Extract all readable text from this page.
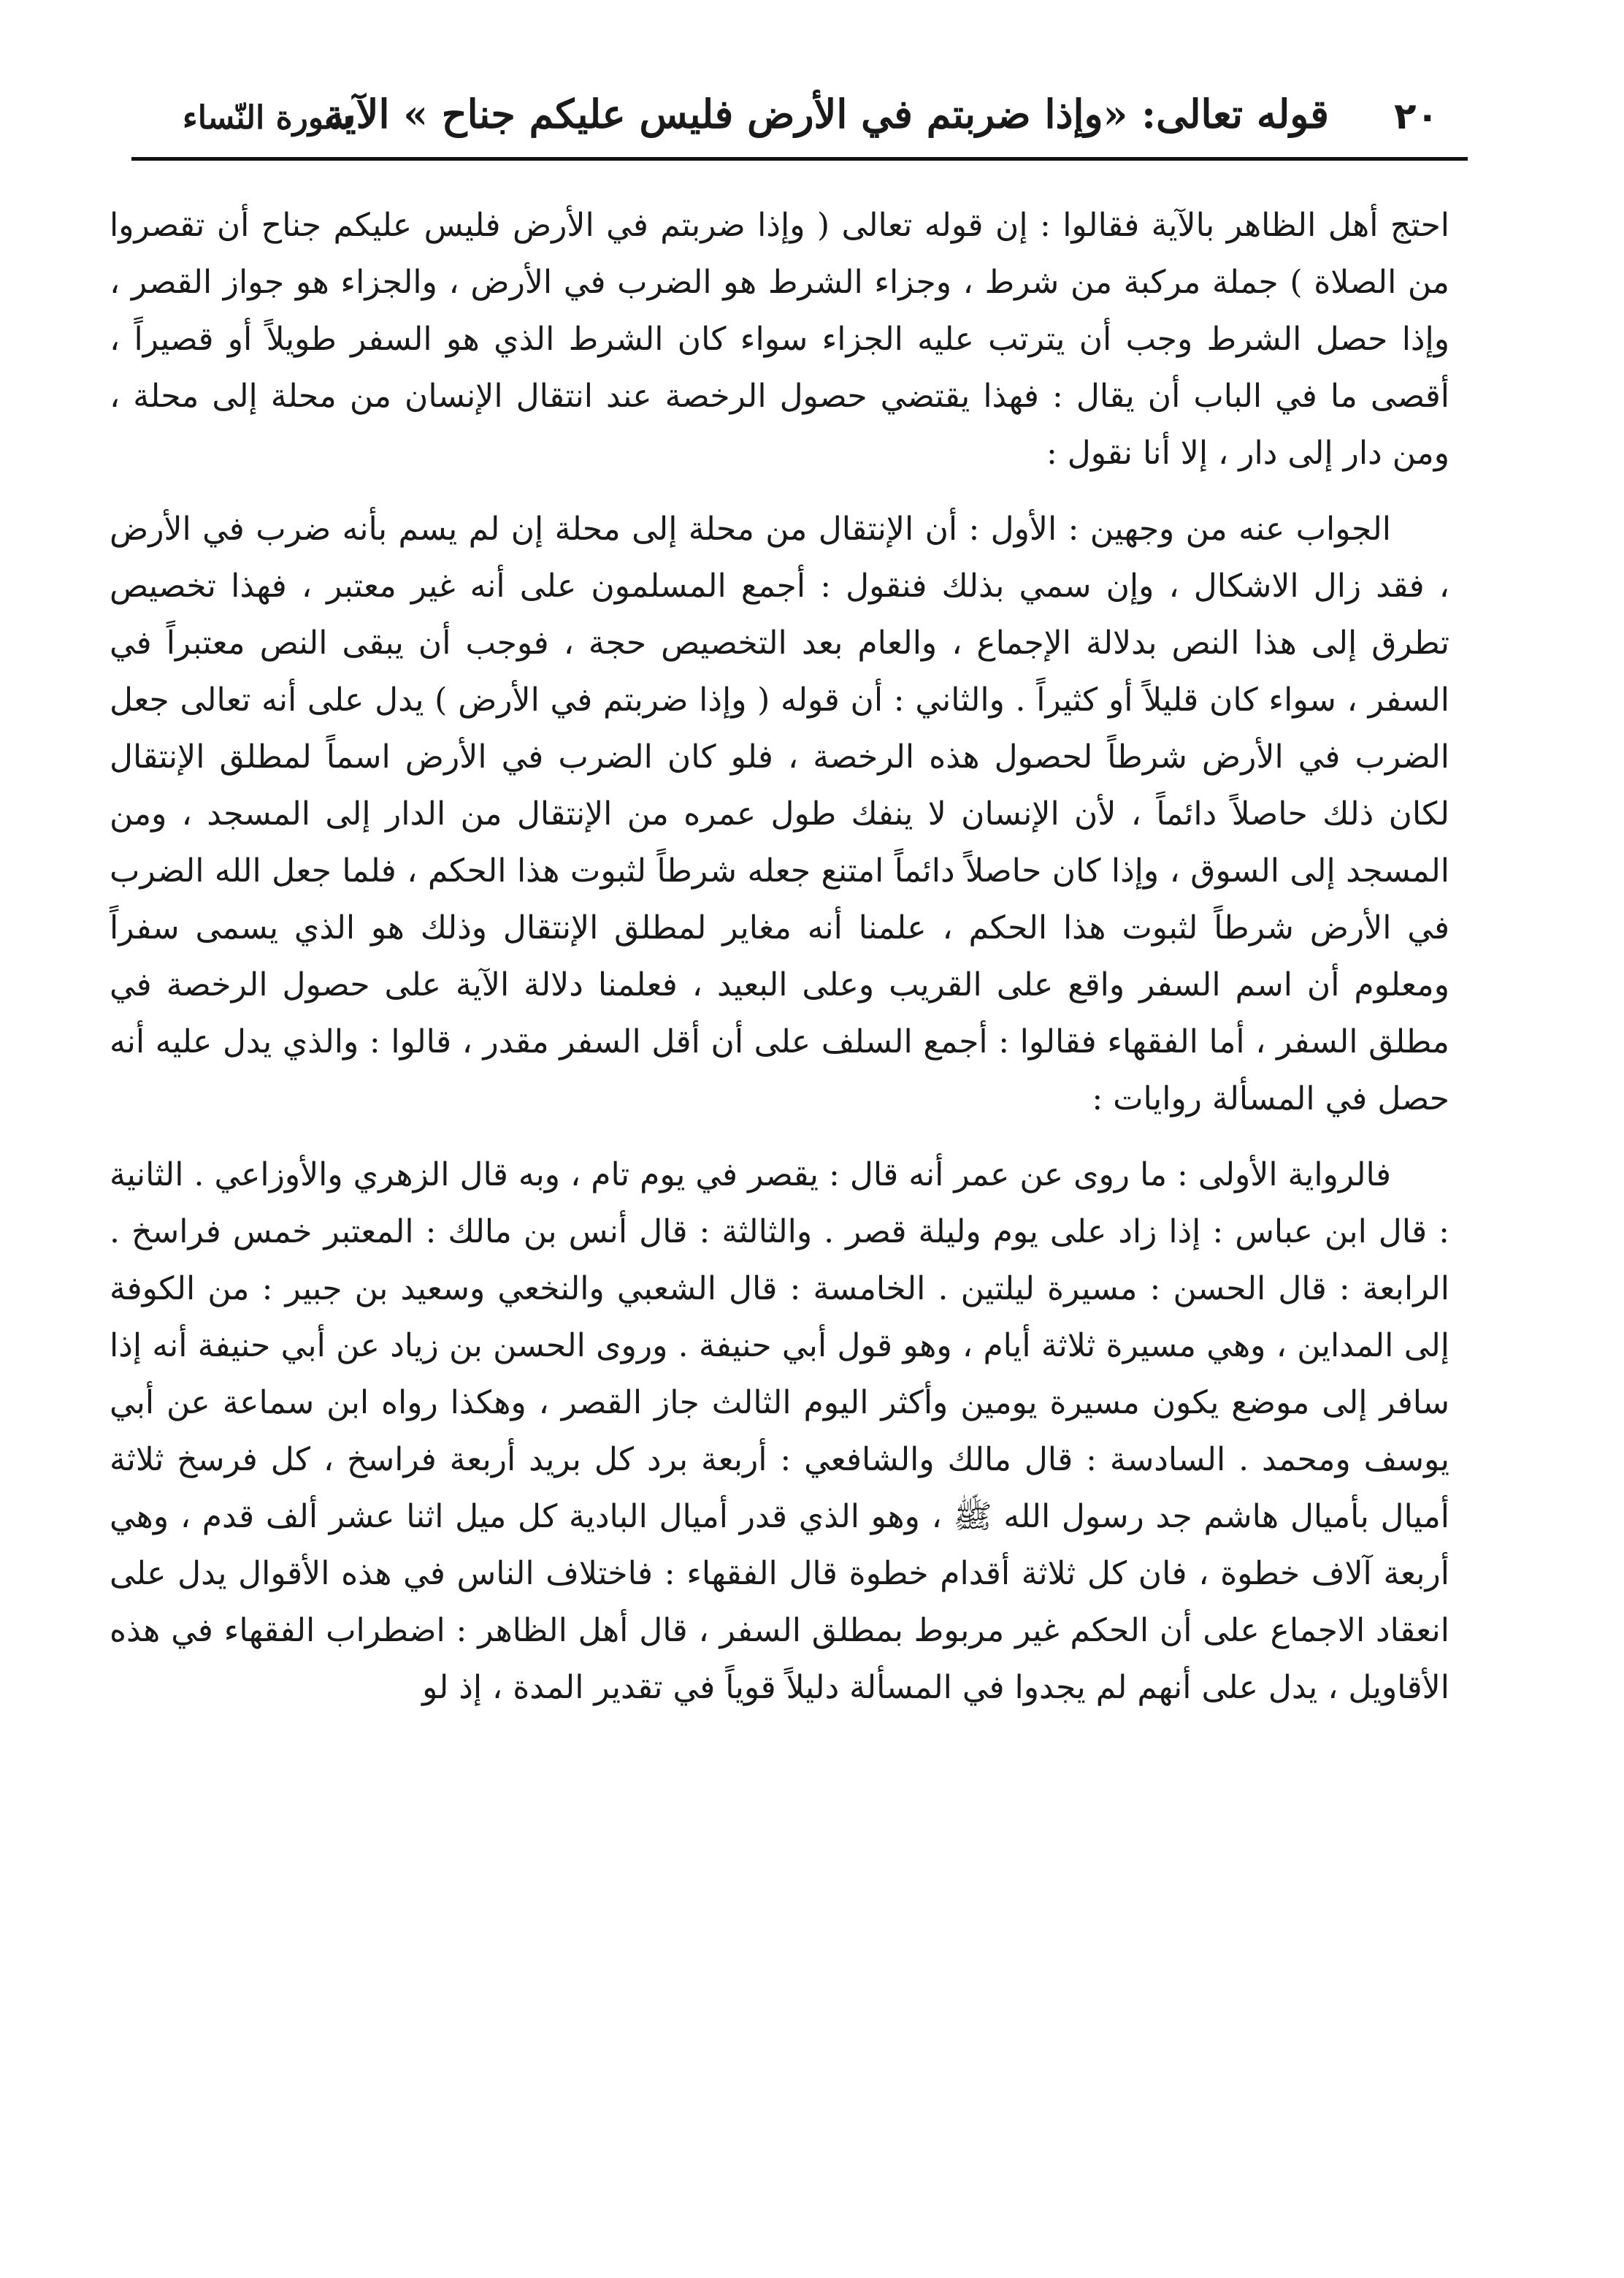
٢٠
قوله تعالى: «وإذا ضربتم في الأرض فليس عليكم جناح » الآية
سورة النّساء

احتج أهل الظاهر بالآية فقالوا : إن قوله تعالى ( وإذا ضربتم في الأرض فليس عليكم جناح أن تقصروا من الصلاة ) جملة مركبة من شرط ، وجزاء الشرط هو الضرب في الأرض ، والجزاء هو جواز القصر ، وإذا حصل الشرط وجب أن يترتب عليه الجزاء سواء كان الشرط الذي هو السفر طويلاً أو قصيراً ، أقصى ما في الباب أن يقال : فهذا يقتضي حصول الرخصة عند انتقال الإنسان من محلة إلى محلة ، ومن دار إلى دار ، إلا أنا نقول :

الجواب عنه من وجهين : الأول : أن الإنتقال من محلة إلى محلة إن لم يسم بأنه ضرب في الأرض ، فقد زال الاشكال ، وإن سمي بذلك فنقول : أجمع المسلمون على أنه غير معتبر ، فهذا تخصيص تطرق إلى هذا النص بدلالة الإجماع ، والعام بعد التخصيص حجة ، فوجب أن يبقى النص معتبراً في السفر ، سواء كان قليلاً أو كثيراً . والثاني : أن قوله ( وإذا ضربتم في الأرض ) يدل على أنه تعالى جعل الضرب في الأرض شرطاً لحصول هذه الرخصة ، فلو كان الضرب في الأرض اسماً لمطلق الإنتقال لكان ذلك حاصلاً دائماً ، لأن الإنسان لا ينفك طول عمره من الإنتقال من الدار إلى المسجد ، ومن المسجد إلى السوق ، وإذا كان حاصلاً دائماً امتنع جعله شرطاً لثبوت هذا الحكم ، فلما جعل الله الضرب في الأرض شرطاً لثبوت هذا الحكم ، علمنا أنه مغاير لمطلق الإنتقال وذلك هو الذي يسمى سفراً ومعلوم أن اسم السفر واقع على القريب وعلى البعيد ، فعلمنا دلالة الآية على حصول الرخصة في مطلق السفر ، أما الفقهاء فقالوا : أجمع السلف على أن أقل السفر مقدر ، قالوا : والذي يدل عليه أنه حصل في المسألة روايات :

فالرواية الأولى : ما روى عن عمر أنه قال : يقصر في يوم تام ، وبه قال الزهري والأوزاعي . الثانية : قال ابن عباس : إذا زاد على يوم وليلة قصر . والثالثة : قال أنس بن مالك : المعتبر خمس فراسخ . الرابعة : قال الحسن : مسيرة ليلتين . الخامسة : قال الشعبي والنخعي وسعيد بن جبير : من الكوفة إلى المداين ، وهي مسيرة ثلاثة أيام ، وهو قول أبي حنيفة . وروى الحسن بن زياد عن أبي حنيفة أنه إذا سافر إلى موضع يكون مسيرة يومين وأكثر اليوم الثالث جاز القصر ، وهكذا رواه ابن سماعة عن أبي يوسف ومحمد . السادسة : قال مالك والشافعي : أربعة برد كل بريد أربعة فراسخ ، كل فرسخ ثلاثة أميال بأميال هاشم جد رسول الله ﷺ ، وهو الذي قدر أميال البادية كل ميل اثنا عشر ألف قدم ، وهي أربعة آلاف خطوة ، فان كل ثلاثة أقدام خطوة قال الفقهاء : فاختلاف الناس في هذه الأقوال يدل على انعقاد الاجماع على أن الحكم غير مربوط بمطلق السفر ، قال أهل الظاهر : اضطراب الفقهاء في هذه الأقاويل ، يدل على أنهم لم يجدوا في المسألة دليلاً قوياً في تقدير المدة ، إذ لو
